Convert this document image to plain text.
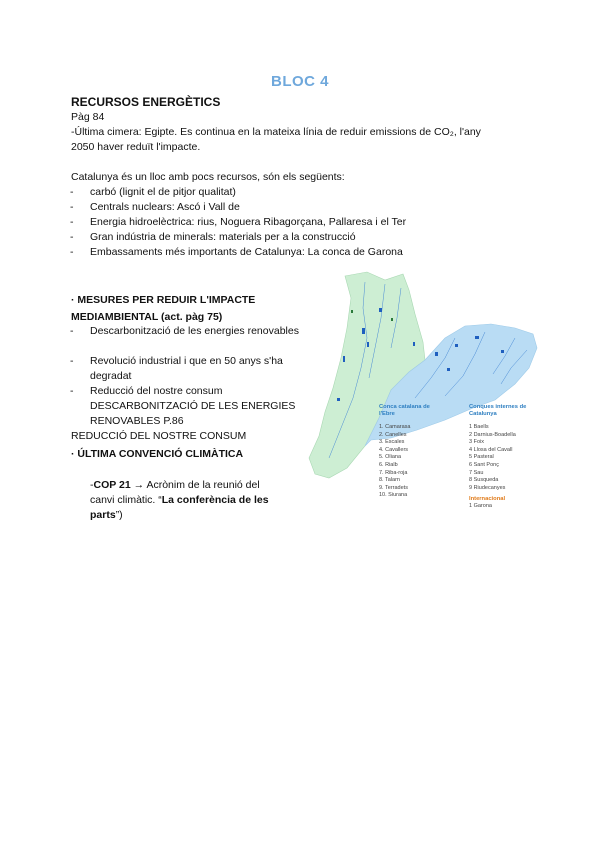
BLOC 4
RECURSOS ENERGÈTICS
Pàg 84
-Última cimera: Egipte. Es continua en la mateixa línia de reduir emissions de CO₂, l'any
2050 haver reduït l'impacte.
Catalunya és un lloc amb pocs recursos, són els següents:
- carbó (lignit el de pitjor qualitat)
- Centrals nuclears: Ascó i Vall de
- Energia hidroelèctrica: rius, Noguera Ribagorçana, Pallaresa i el Ter
- Gran indústria de minerals: materials per a la construcció
- Embassaments més importants de Catalunya: La conca de Garona
· MESURES PER REDUIR L'IMPACTE
MEDIAMBIENTAL (act. pàg 75)
- Descarbonització de les energies renovables
- Revolució industrial i que en 50 anys s'ha degradat
- Reducció del nostre consum DESCARBONITZACIÓ DE LES ENERGIES RENOVABLES P.86
REDUCCIÓ DEL NOSTRE CONSUM
· ÚLTIMA CONVENCIÓ CLIMÀTICA
-COP 21 → Acrònim de la reunió del
canvi climàtic. “La conferència de les parts”)
Conca catalana de l'Ebre
1. Camarasa
2. Canelles
3. Escales
4. Cavallers
5. Oliana
6. Rialb
7. Riba-roja
8. Talarn
9. Terradets
10. Siurana
Conques internes de Catalunya
1 Baells
2 Darnius-Boadella
3 Foix
4 Llosa del Cavall
5 Pasteral
6 Sant Ponç
7 Sau
8 Susqueda
9 Riudecanyes
Internacional
1 Garona
